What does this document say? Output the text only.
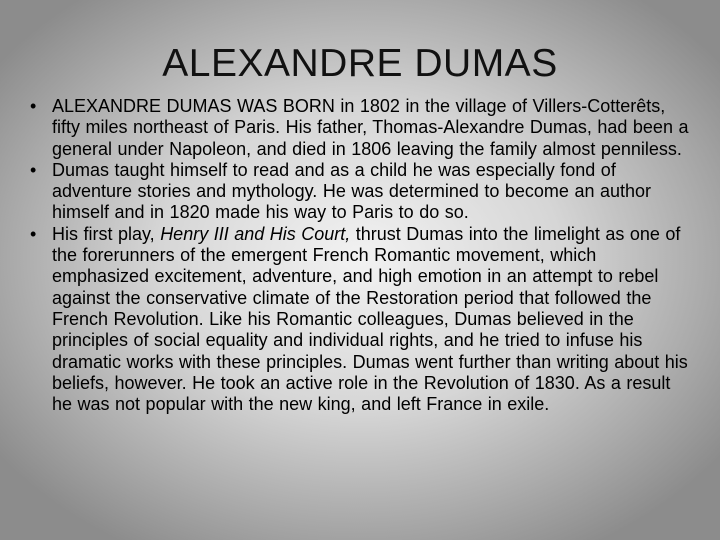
ALEXANDRE DUMAS
• ALEXANDRE DUMAS WAS BORN in 1802 in the village of Villers-Cotterêts, fifty miles northeast of Paris. His father, Thomas-Alexandre Dumas, had been a general under Napoleon, and died in 1806 leaving the family almost penniless.
• Dumas taught himself to read and as a child he was especially fond of adventure stories and mythology. He was determined to become an author himself and in 1820 made his way to Paris to do so.
• His first play, Henry III and His Court, thrust Dumas into the limelight as one of the forerunners of the emergent French Romantic movement, which emphasized excitement, adventure, and high emotion in an attempt to rebel against the conservative climate of the Restoration period that followed the French Revolution. Like his Romantic colleagues, Dumas believed in the principles of social equality and individual rights, and he tried to infuse his dramatic works with these principles. Dumas went further than writing about his beliefs, however. He took an active role in the Revolution of 1830. As a result he was not popular with the new king, and left France in exile.
